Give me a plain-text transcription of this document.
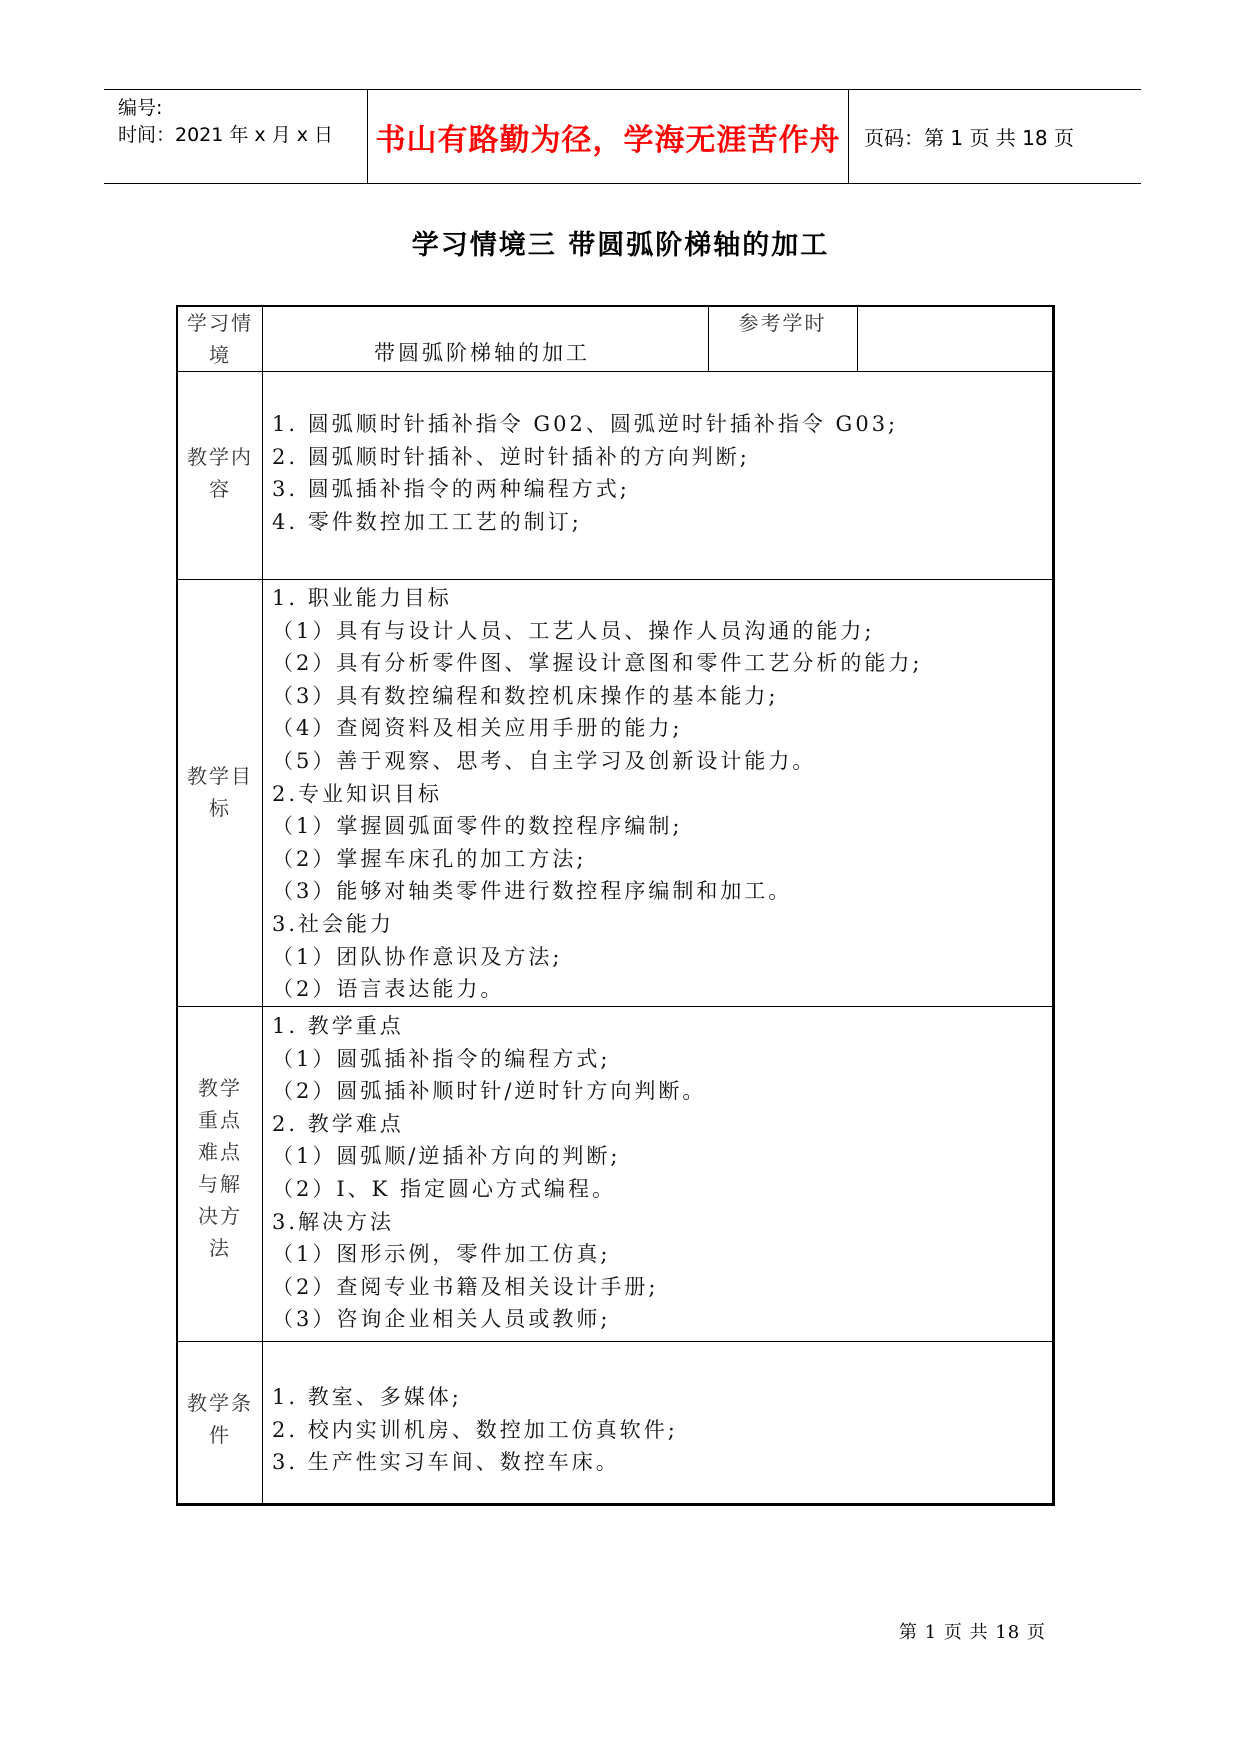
编号:
时间：2021 年 x 月 x 日 书山有路勤为径，学海无涯苦作舟	页码：第 1 页 共 18 页
学习情境三 带圆弧阶梯轴的加工
学习情境	带圆弧阶梯轴的加工
参考学时
教学内容
1. 圆弧顺时针插补指令 G02、圆弧逆时针插补指令 G03;
2. 圆弧顺时针插补、逆时针插补的方向判断;
3. 圆弧插补指令的两种编程方式;
4. 零件数控加工工艺的制订;
教学目标
1. 职业能力目标
（1）具有与设计人员、工艺人员、操作人员沟通的能力;
（2）具有分析零件图、掌握设计意图和零件工艺分析的能力;
（3）具有数控编程和数控机床操作的基本能力;
（4）查阅资料及相关应用手册的能力;
（5）善于观察、思考、自主学习及创新设计能力。
2.专业知识目标
（1）掌握圆弧面零件的数控程序编制;
（2）掌握车床孔的加工方法;
（3）能够对轴类零件进行数控程序编制和加工。
3.社会能力
（1）团队协作意识及方法;
（2）语言表达能力。
教学重点难点与解决方法
1. 教学重点
（1）圆弧插补指令的编程方式;
（2）圆弧插补顺时针/逆时针方向判断。
2. 教学难点
（1）圆弧顺/逆插补方向的判断;
（2）I、K 指定圆心方式编程。
3.解决方法
（1）图形示例，零件加工仿真;
（2）查阅专业书籍及相关设计手册;
（3）咨询企业相关人员或教师;
教学条件
1. 教室、多媒体;
2. 校内实训机房、数控加工仿真软件;
3. 生产性实习车间、数控车床。
第 1 页 共 18 页
